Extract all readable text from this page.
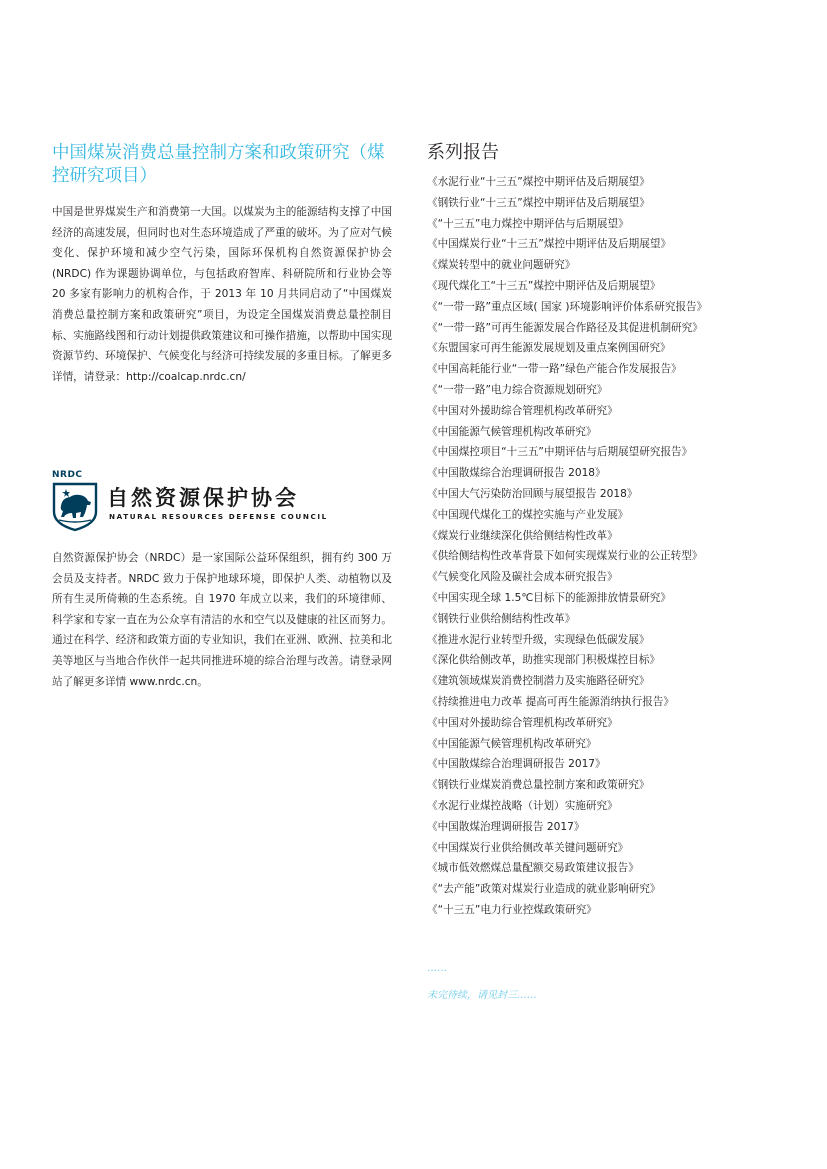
中国煤炭消费总量控制方案和政策研究（煤控研究项目）

中国是世界煤炭生产和消费第一大国。以煤炭为主的能源结构支撑了中国经济的高速发展，但同时也对生态环境造成了严重的破坏。为了应对气候变化、保护环境和减少空气污染，国际环保机构自然资源保护协会 (NRDC) 作为课题协调单位，与包括政府智库、科研院所和行业协会等 20 多家有影响力的机构合作，于 2013 年 10 月共同启动了“中国煤炭消费总量控制方案和政策研究”项目，为设定全国煤炭消费总量控制目标、实施路线图和行动计划提供政策建议和可操作措施，以帮助中国实现资源节约、环境保护、气候变化与经济可持续发展的多重目标。了解更多详情，请登录：http://coalcap.nrdc.cn/

NRDC
自然资源保护协会
NATURAL RESOURCES DEFENSE COUNCIL

自然资源保护协会（NRDC）是一家国际公益环保组织，拥有约 300 万会员及支持者。NRDC 致力于保护地球环境，即保护人类、动植物以及所有生灵所倚赖的生态系统。自 1970 年成立以来，我们的环境律师、科学家和专家一直在为公众享有清洁的水和空气以及健康的社区而努力。通过在科学、经济和政策方面的专业知识，我们在亚洲、欧洲、拉美和北美等地区与当地合作伙伴一起共同推进环境的综合治理与改善。请登录网站了解更多详情 www.nrdc.cn。

系列报告
《水泥行业“十三五”煤控中期评估及后期展望》
《钢铁行业“十三五”煤控中期评估及后期展望》
《“十三五”电力煤控中期评估与后期展望》
《中国煤炭行业“十三五”煤控中期评估及后期展望》
《煤炭转型中的就业问题研究》
《现代煤化工“十三五”煤控中期评估及后期展望》
《“一带一路”重点区域( 国家 )环境影响评价体系研究报告》
《“一带一路”可再生能源发展合作路径及其促进机制研究》
《东盟国家可再生能源发展规划及重点案例国研究》
《中国高耗能行业“一带一路”绿色产能合作发展报告》
《“一带一路”电力综合资源规划研究》
《中国对外援助综合管理机构改革研究》
《中国能源气候管理机构改革研究》
《中国煤控项目“十三五”中期评估与后期展望研究报告》
《中国散煤综合治理调研报告 2018》
《中国大气污染防治回顾与展望报告 2018》
《中国现代煤化工的煤控实施与产业发展》
《煤炭行业继续深化供给侧结构性改革》
《供给侧结构性改革背景下如何实现煤炭行业的公正转型》
《气候变化风险及碳社会成本研究报告》
《中国实现全球 1.5℃目标下的能源排放情景研究》
《钢铁行业供给侧结构性改革》
《推进水泥行业转型升级，实现绿色低碳发展》
《深化供给侧改革，助推实现部门积极煤控目标》
《建筑领域煤炭消费控制潜力及实施路径研究》
《持续推进电力改革 提高可再生能源消纳执行报告》
《中国对外援助综合管理机构改革研究》
《中国能源气候管理机构改革研究》
《中国散煤综合治理调研报告 2017》
《钢铁行业煤炭消费总量控制方案和政策研究》
《水泥行业煤控战略（计划）实施研究》
《中国散煤治理调研报告 2017》
《中国煤炭行业供给侧改革关键问题研究》
《城市低效燃煤总量配额交易政策建议报告》
《“去产能”政策对煤炭行业造成的就业影响研究》
《“十三五”电力行业控煤政策研究》
……
未完待续，请见封三……
